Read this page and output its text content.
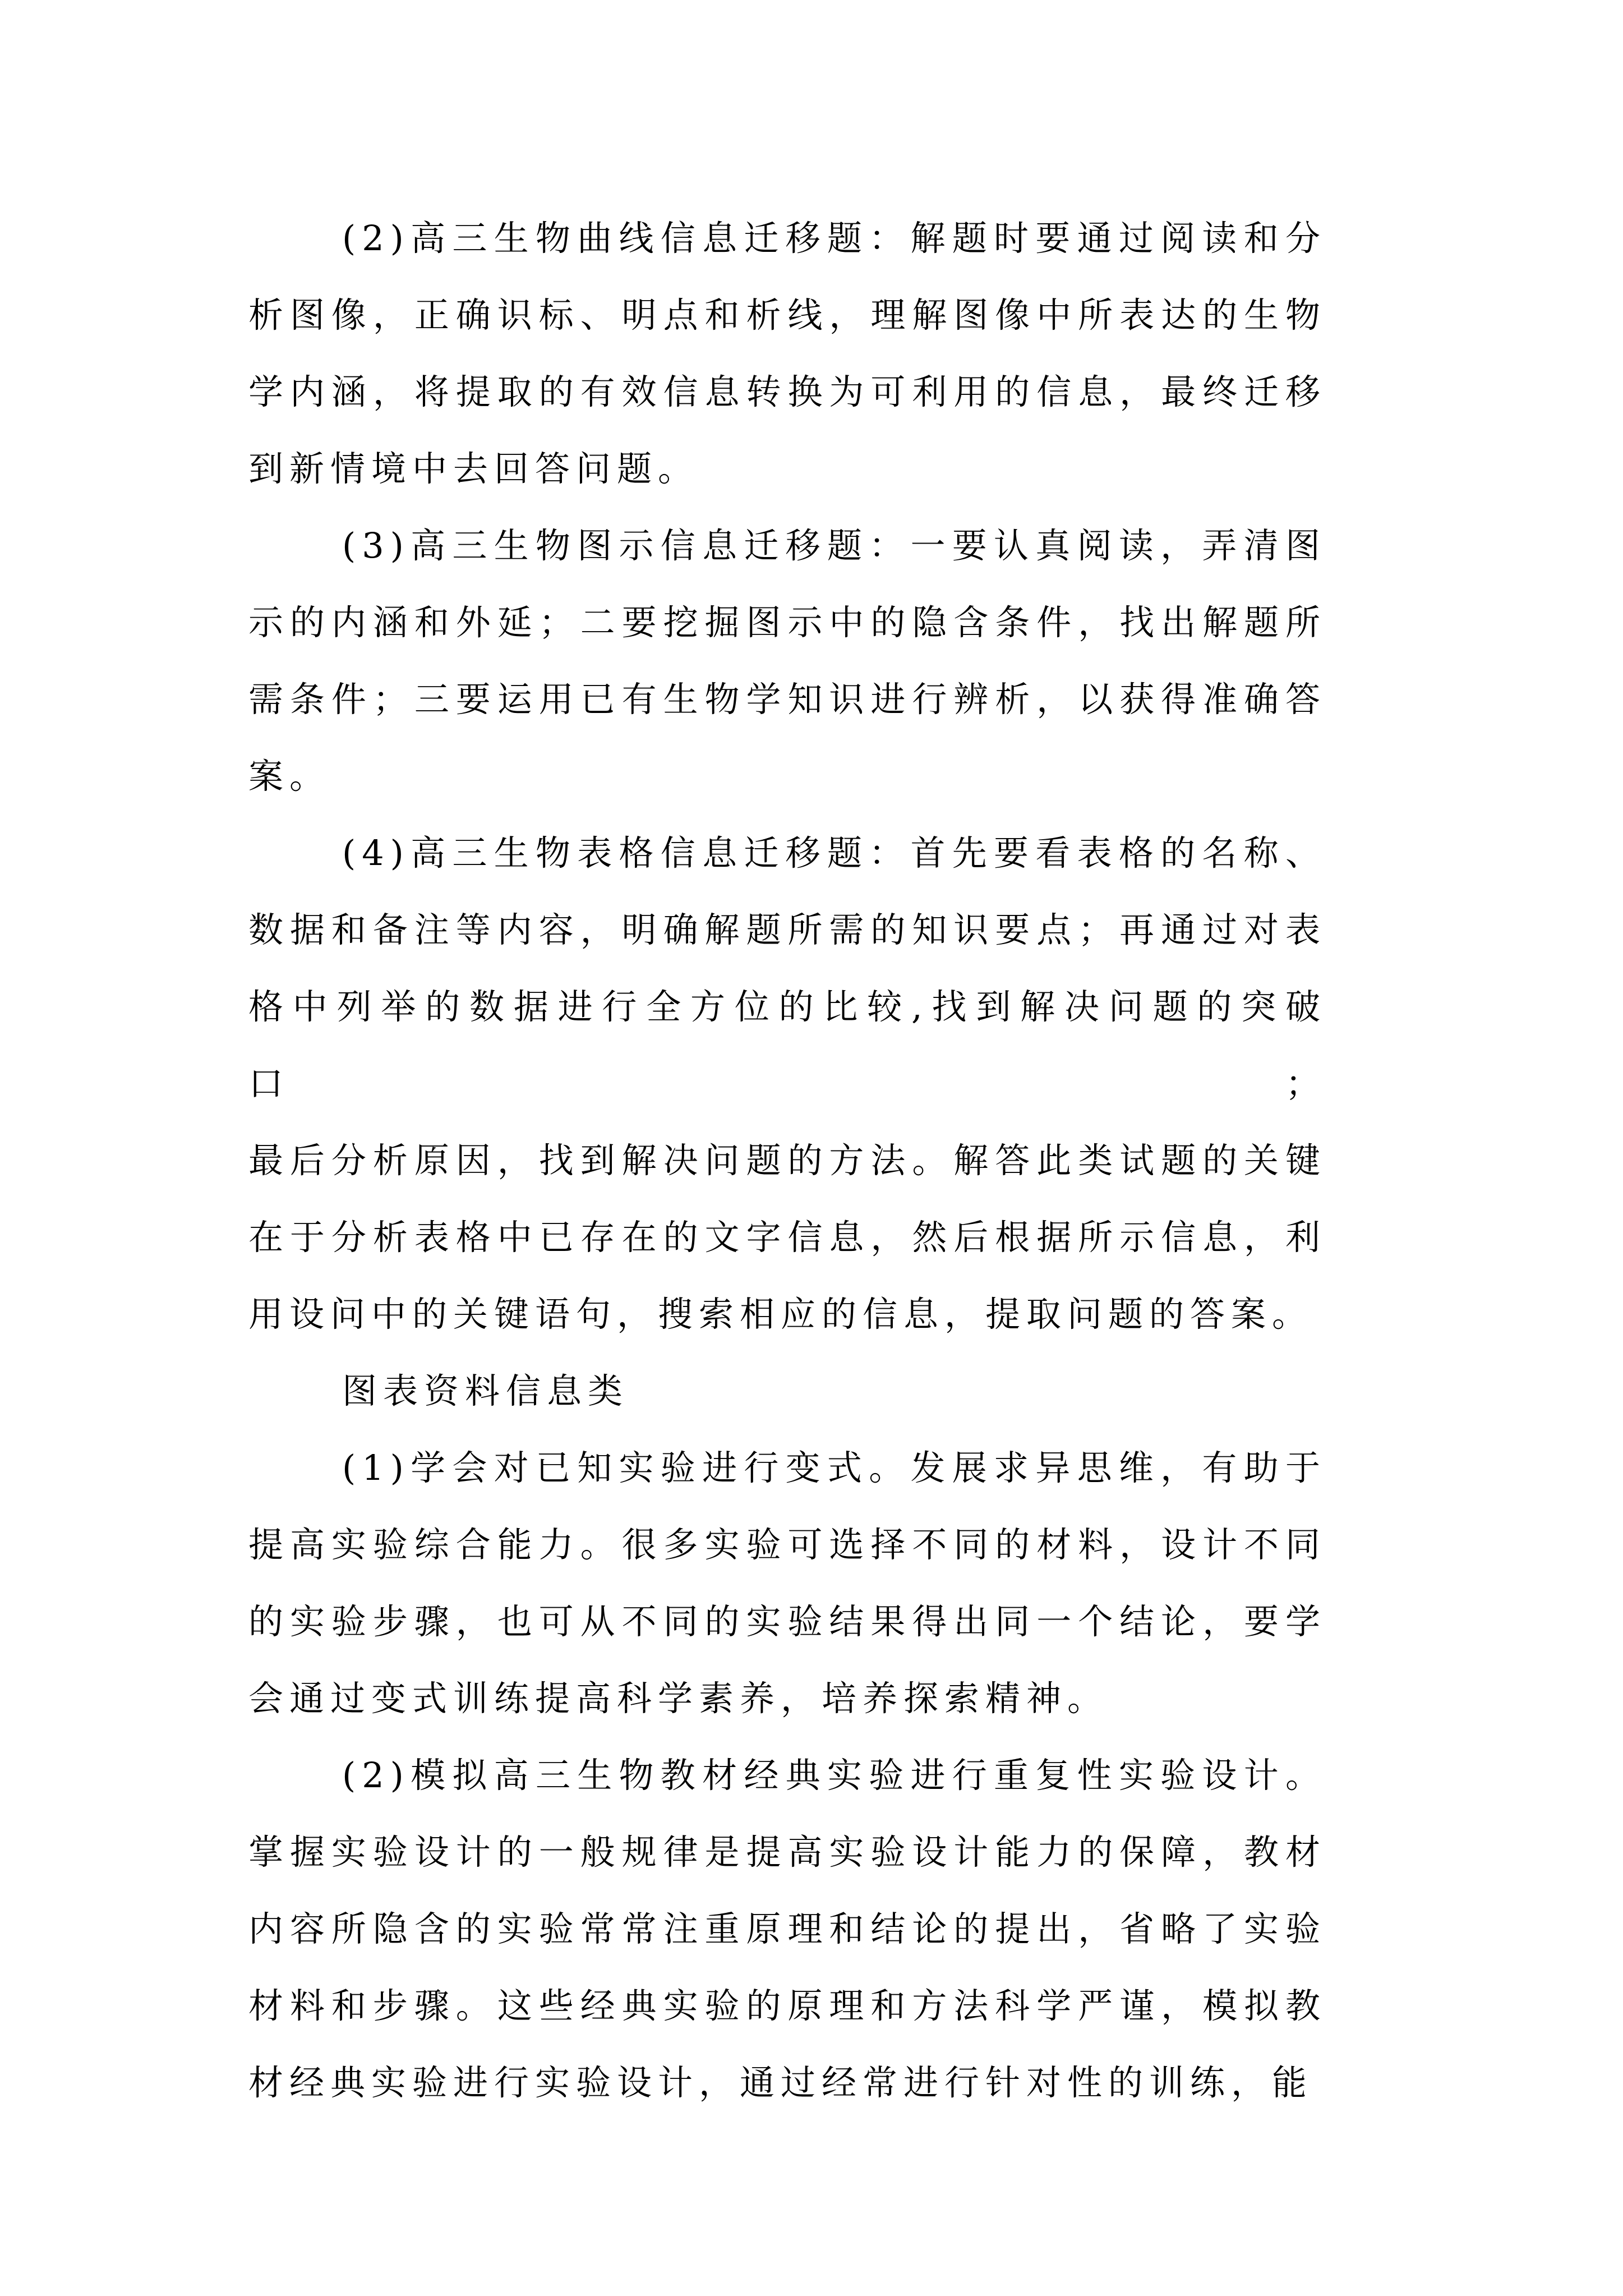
(2)高三生物曲线信息迁移题：解题时要通过阅读和分
析图像，正确识标、明点和析线，理解图像中所表达的生物
学内涵，将提取的有效信息转换为可利用的信息，最终迁移
到新情境中去回答问题。
(3)高三生物图示信息迁移题：一要认真阅读，弄清图
示的内涵和外延；二要挖掘图示中的隐含条件，找出解题所
需条件；三要运用已有生物学知识进行辨析，以获得准确答
案。
(4)高三生物表格信息迁移题：首先要看表格的名称、
数据和备注等内容，明确解题所需的知识要点；再通过对表
格中列举的数据进行全方位的比较,找到解决问题的突破口；
最后分析原因，找到解决问题的方法。解答此类试题的关键
在于分析表格中已存在的文字信息，然后根据所示信息，利
用设问中的关键语句，搜索相应的信息，提取问题的答案。
图表资料信息类
(1)学会对已知实验进行变式。发展求异思维，有助于
提高实验综合能力。很多实验可选择不同的材料，设计不同
的实验步骤，也可从不同的实验结果得出同一个结论，要学
会通过变式训练提高科学素养，培养探索精神。
(2)模拟高三生物教材经典实验进行重复性实验设计。
掌握实验设计的一般规律是提高实验设计能力的保障，教材
内容所隐含的实验常常注重原理和结论的提出，省略了实验
材料和步骤。这些经典实验的原理和方法科学严谨，模拟教
材经典实验进行实验设计，通过经常进行针对性的训练，能
